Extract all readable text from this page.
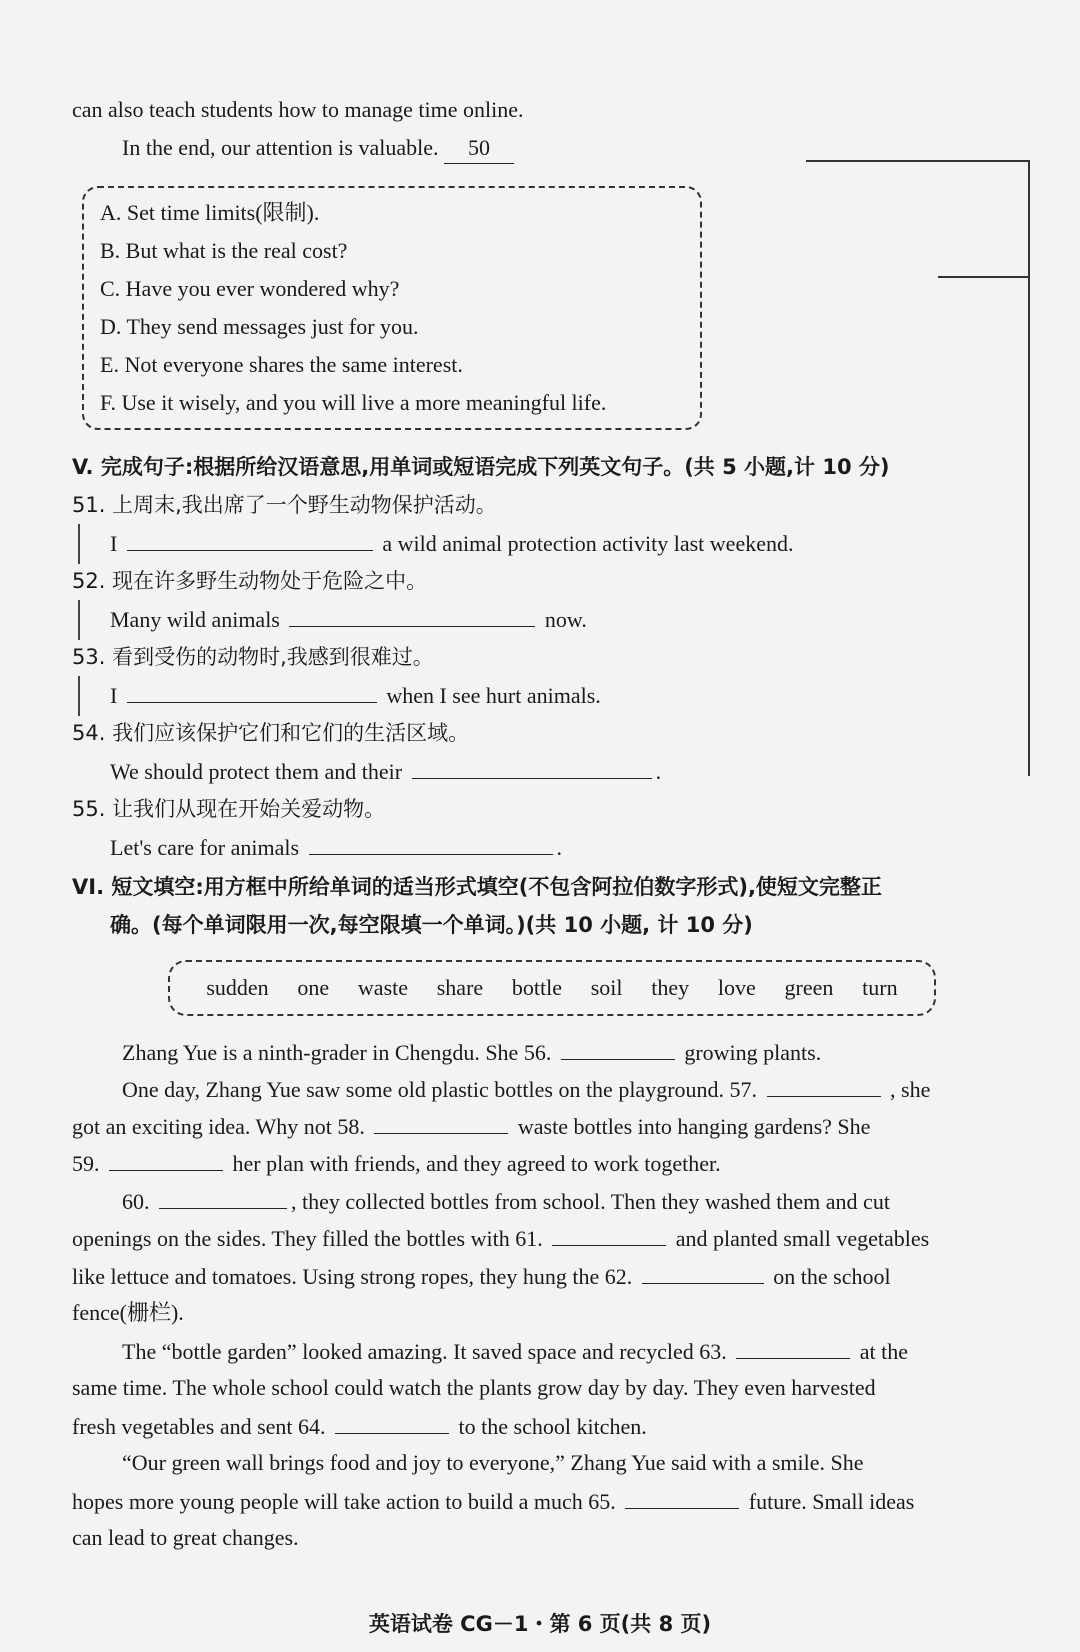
can also teach students how to manage time online.
In the end, our attention is valuable. 50
A. Set time limits(限制).
B. But what is the real cost?
C. Have you ever wondered why?
D. They send messages just for you.
E. Not everyone shares the same interest.
F. Use it wisely, and you will live a more meaningful life.
V. 完成句子:根据所给汉语意思,用单词或短语完成下列英文句子。(共 5 小题,计 10 分)
51. 上周末,我出席了一个野生动物保护活动。
I	a wild animal protection activity last weekend.
52. 现在许多野生动物处于危险之中。
Many wild animals	now.
53. 看到受伤的动物时,我感到很难过。
I	when I see hurt animals.
54. 我们应该保护它们和它们的生活区域。
We should protect them and their	.
55. 让我们从现在开始关爱动物。
Let's care for animals	.
VI. 短文填空:用方框中所给单词的适当形式填空(不包含阿拉伯数字形式),使短文完整正
确。(每个单词限用一次,每空限填一个单词。)(共 10 小题, 计 10 分)
sudden one waste share bottle soil they love green turn
Zhang Yue is a ninth-grader in Chengdu. She 56.	growing plants.
One day, Zhang Yue saw some old plastic bottles on the playground. 57.	, she
got an exciting idea. Why not 58.	waste bottles into hanging gardens? She
59.	her plan with friends, and they agreed to work together.
60.	, they collected bottles from school. Then they washed them and cut
openings on the sides. They filled the bottles with 61.	and planted small vegetables
like lettuce and tomatoes. Using strong ropes, they hung the 62.	on the school
fence(栅栏).
The “bottle garden” looked amazing. It saved space and recycled 63.	at the
same time. The whole school could watch the plants grow day by day. They even harvested
fresh vegetables and sent 64.	to the school kitchen.
“Our green wall brings food and joy to everyone,” Zhang Yue said with a smile. She
hopes more young people will take action to build a much 65.	future. Small ideas
can lead to great changes.
英语试卷 CG－1・第 6 页(共 8 页)
